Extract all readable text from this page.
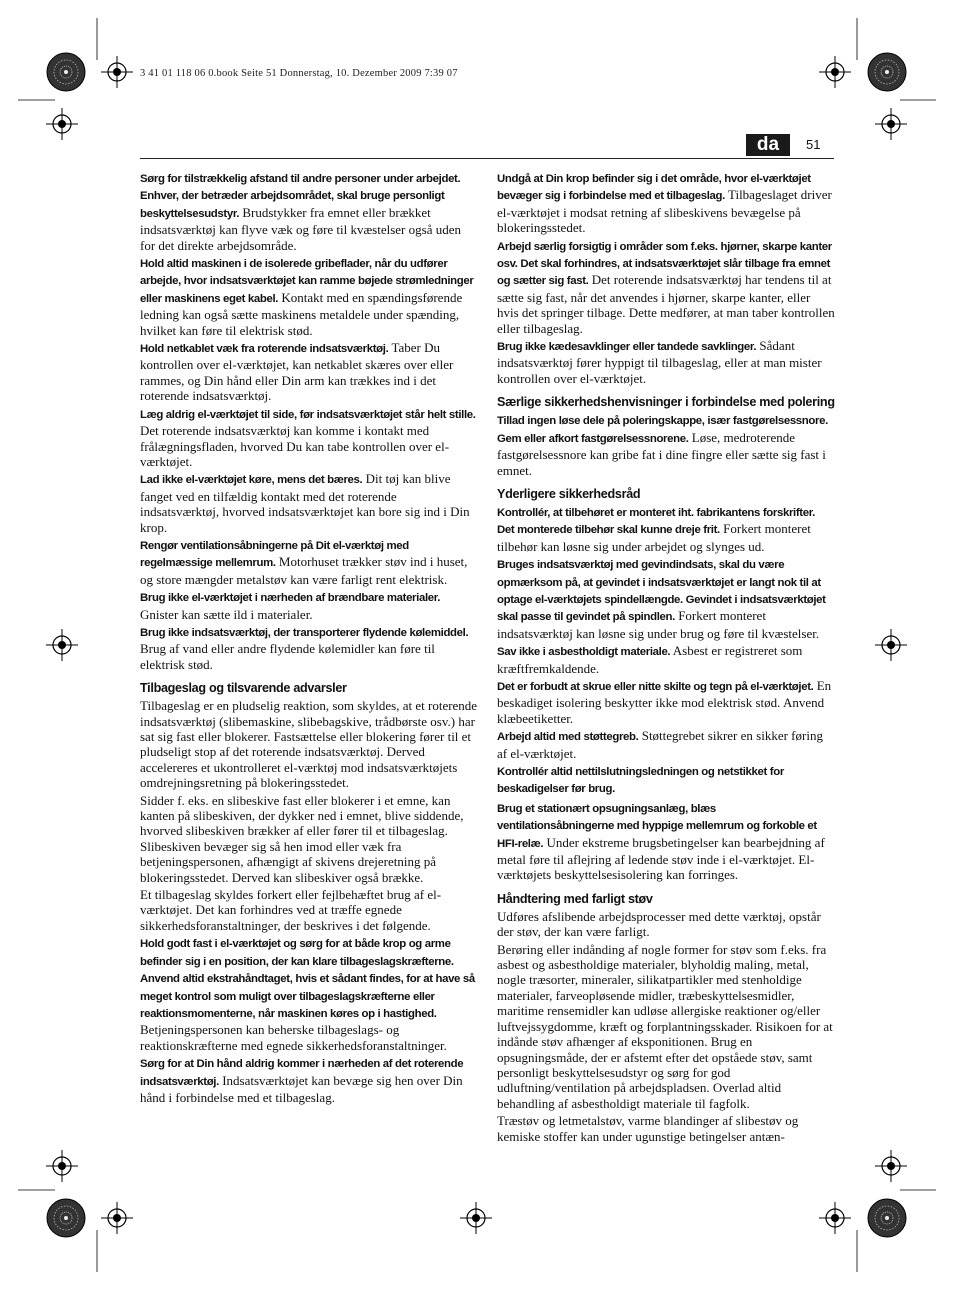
3 41 01 118 06 0.book Seite 51 Donnerstag, 10. Dezember 2009 7:39 07
da	51

Sørg for tilstrækkelig afstand til andre personer under arbejdet. Enhver, der betræder arbejdsområdet, skal bruge personligt beskyttelsesudstyr. Brudstykker fra emnet eller brækket indsatsværktøj kan flyve væk og føre til kvæstelser også uden for det direkte arbejdsområde.

Hold altid maskinen i de isolerede gribeflader, når du udfører arbejde, hvor indsatsværktøjet kan ramme bøjede strømledninger eller maskinens eget kabel. Kontakt med en spændingsførende ledning kan også sætte maskinens metaldele under spænding, hvilket kan føre til elektrisk stød.

Hold netkablet væk fra roterende indsatsværktøj. Taber Du kontrollen over el-værktøjet, kan netkablet skæres over eller rammes, og Din hånd eller Din arm kan trækkes ind i det roterende indsatsværktøj.

Læg aldrig el-værktøjet til side, før indsatsværktøjet står helt stille. Det roterende indsatsværktøj kan komme i kontakt med frålægningsfladen, hvorved Du kan tabe kontrollen over el-værktøjet.

Lad ikke el-værktøjet køre, mens det bæres. Dit tøj kan blive fanget ved en tilfældig kontakt med det roterende indsatsværktøj, hvorved indsatsværktøjet kan bore sig ind i Din krop.

Rengør ventilationsåbningerne på Dit el-værktøj med regelmæssige mellemrum. Motorhuset trækker støv ind i huset, og store mængder metalstøv kan være farligt rent elektrisk.

Brug ikke el-værktøjet i nærheden af brændbare materialer. Gnister kan sætte ild i materialer.

Brug ikke indsatsværktøj, der transporterer flydende kølemiddel. Brug af vand eller andre flydende kølemidler kan føre til elektrisk stød.

Tilbageslag og tilsvarende advarsler

Tilbageslag er en pludselig reaktion, som skyldes, at et roterende indsatsværktøj (slibemaskine, slibebagskive, trådbørste osv.) har sat sig fast eller blokerer. Fastsættelse eller blokering fører til et pludseligt stop af det roterende indsatsværktøj. Derved accelereres et ukontrolleret el-værktøj mod indsatsværktøjets omdrejningsretning på blokeringsstedet.

Sidder f. eks. en slibeskive fast eller blokerer i et emne, kan kanten på slibeskiven, der dykker ned i emnet, blive siddende, hvorved slibeskiven brækker af eller fører til et tilbageslag. Slibeskiven bevæger sig så hen imod eller væk fra betjeningspersonen, afhængigt af skivens drejeretning på blokeringsstedet. Derved kan slibeskiver også brække.

Et tilbageslag skyldes forkert eller fejlbehæftet brug af el-værktøjet. Det kan forhindres ved at træffe egnede sikkerhedsforanstaltninger, der beskrives i det følgende.

Hold godt fast i el-værktøjet og sørg for at både krop og arme befinder sig i en position, der kan klare tilbageslagskræfterne. Anvend altid ekstrahåndtaget, hvis et sådant findes, for at have så meget kontrol som muligt over tilbageslagskræfterne eller reaktionsmomenterne, når maskinen køres op i hastighed. Betjeningspersonen kan beherske tilbageslags- og reaktionskræfterne med egnede sikkerhedsforanstaltninger.

Sørg for at Din hånd aldrig kommer i nærheden af det roterende indsatsværktøj. Indsatsværktøjet kan bevæge sig hen over Din hånd i forbindelse med et tilbageslag.

Undgå at Din krop befinder sig i det område, hvor el-værktøjet bevæger sig i forbindelse med et tilbageslag. Tilbageslaget driver el-værktøjet i modsat retning af slibeskivens bevægelse på blokeringsstedet.

Arbejd særlig forsigtig i områder som f.eks. hjørner, skarpe kanter osv. Det skal forhindres, at indsatsværktøjet slår tilbage fra emnet og sætter sig fast. Det roterende indsatsværktøj har tendens til at sætte sig fast, når det anvendes i hjørner, skarpe kanter, eller hvis det springer tilbage. Dette medfører, at man taber kontrollen eller tilbageslag.

Brug ikke kædesavklinger eller tandede savklinger. Sådant indsatsværktøj fører hyppigt til tilbageslag, eller at man mister kontrollen over el-værktøjet.

Særlige sikkerhedshenvisninger i forbindelse med polering

Tillad ingen løse dele på poleringskappe, især fastgørelsessnore. Gem eller afkort fastgørelsessnorene. Løse, medroterende fastgørelsessnore kan gribe fat i dine fingre eller sætte sig fast i emnet.

Yderligere sikkerhedsråd

Kontrollér, at tilbehøret er monteret iht. fabrikantens forskrifter. Det monterede tilbehør skal kunne dreje frit. Forkert monteret tilbehør kan løsne sig under arbejdet og slynges ud.

Bruges indsatsværktøj med gevindindsats, skal du være opmærksom på, at gevindet i indsatsværktøjet er langt nok til at optage el-værktøjets spindellængde. Gevindet i indsatsværktøjet skal passe til gevindet på spindlen. Forkert monteret indsatsværktøj kan løsne sig under brug og føre til kvæstelser.

Sav ikke i asbestholdigt materiale. Asbest er registreret som kræftfremkaldende.

Det er forbudt at skrue eller nitte skilte og tegn på el-værktøjet. En beskadiget isolering beskytter ikke mod elektrisk stød. Anvend klæbeetiketter.

Arbejd altid med støttegreb. Støttegrebet sikrer en sikker føring af el-værktøjet.

Kontrollér altid nettilslutningsledningen og netstikket for beskadigelser før brug.

Brug et stationært opsugningsanlæg, blæs ventilationsåbningerne med hyppige mellemrum og forkoble et HFI-relæ. Under ekstreme brugsbetingelser kan bearbejdning af metal føre til aflejring af ledende støv inde i el-værktøjet. El-værktøjets beskyttelsesisolering kan forringes.

Håndtering med farligt støv

Udføres afslibende arbejdsprocesser med dette værktøj, opstår der støv, der kan være farligt.

Berøring eller indånding af nogle former for støv som f.eks. fra asbest og asbestholdige materialer, blyholdig maling, metal, nogle træsorter, mineraler, silikatpartikler med stenholdige materialer, farveopløsende midler, træbeskyttelsesmidler, maritime rensemidler kan udløse allergiske reaktioner og/eller luftvejssygdomme, kræft og forplantningsskader. Risikoen for at indånde støv afhænger af eksponitionen. Brug en opsugningsmåde, der er afstemt efter det opståede støv, samt personligt beskyttelsesudstyr og sørg for god udluftning/ventilation på arbejdspladsen. Overlad altid behandling af asbestholdigt materiale til fagfolk.

Træstøv og letmetalstøv, varme blandinger af slibestøv og kemiske stoffer kan under ugunstige betingelser antæn-
